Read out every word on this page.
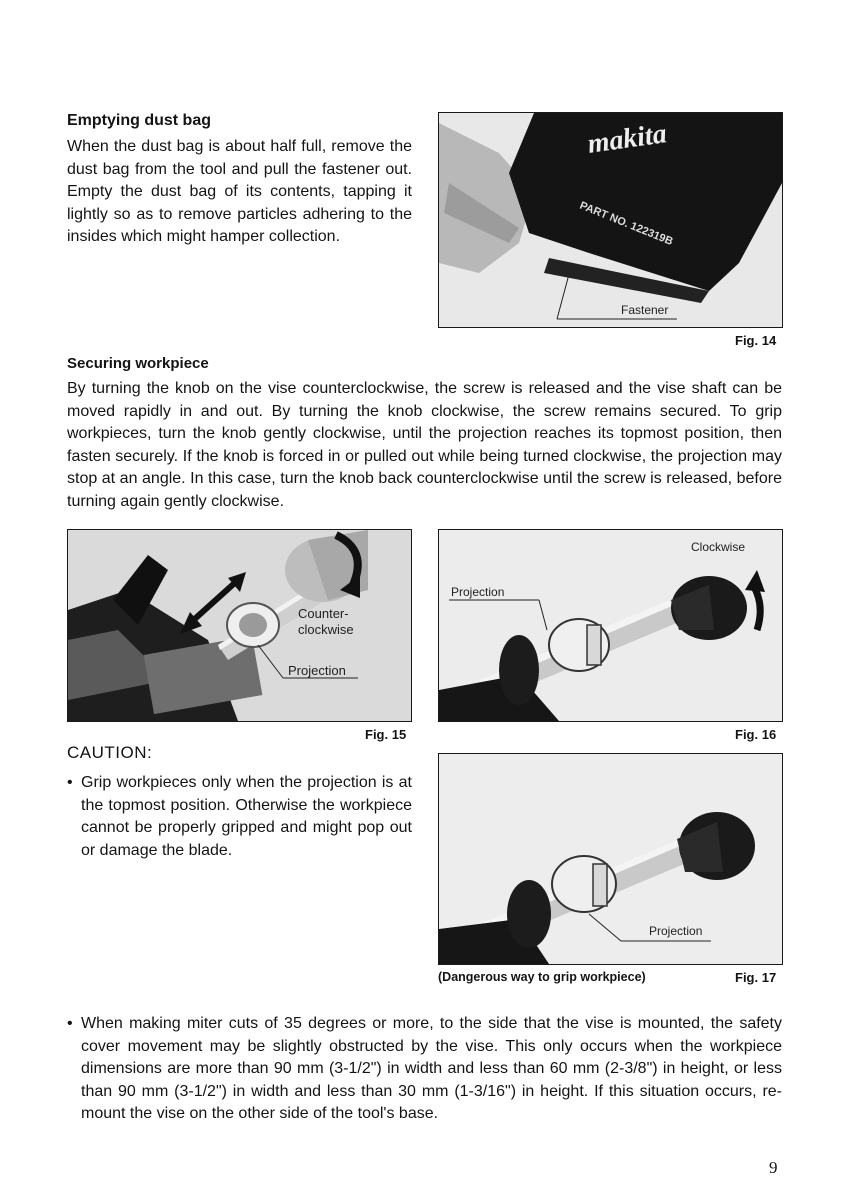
Emptying dust bag
When the dust bag is about half full, remove the dust bag from the tool and pull the fastener out. Empty the dust bag of its contents, tapping it lightly so as to remove particles adhering to the insides which might hamper collection.
makita
PART NO. 122319B
Fastener
Fig. 14
Securing workpiece
By turning the knob on the vise counterclockwise, the screw is released and the vise shaft can be moved rapidly in and out. By turning the knob clockwise, the screw remains secured. To grip workpieces, turn the knob gently clockwise, until the projection reaches its topmost position, then fasten securely. If the knob is forced in or pulled out while being turned clockwise, the projection may stop at an angle. In this case, turn the knob back counterclockwise until the screw is released, before turning again gently clockwise.
Counter-
clockwise
Projection
Fig. 15
Clockwise
Projection
Fig. 16
CAUTION:
• Grip workpieces only when the projection is at the topmost position. Otherwise the workpiece cannot be properly gripped and might pop out or damage the blade.
Projection
(Dangerous way to grip workpiece)	Fig. 17
• When making miter cuts of 35 degrees or more, to the side that the vise is mounted, the safety cover movement may be slightly obstructed by the vise. This only occurs when the workpiece dimensions are more than 90 mm (3-1/2") in width and less than 60 mm (2-3/8") in height, or less than 90 mm (3-1/2") in width and less than 30 mm (1-3/16") in height. If this situation occurs, re-mount the vise on the other side of the tool's base.
9
